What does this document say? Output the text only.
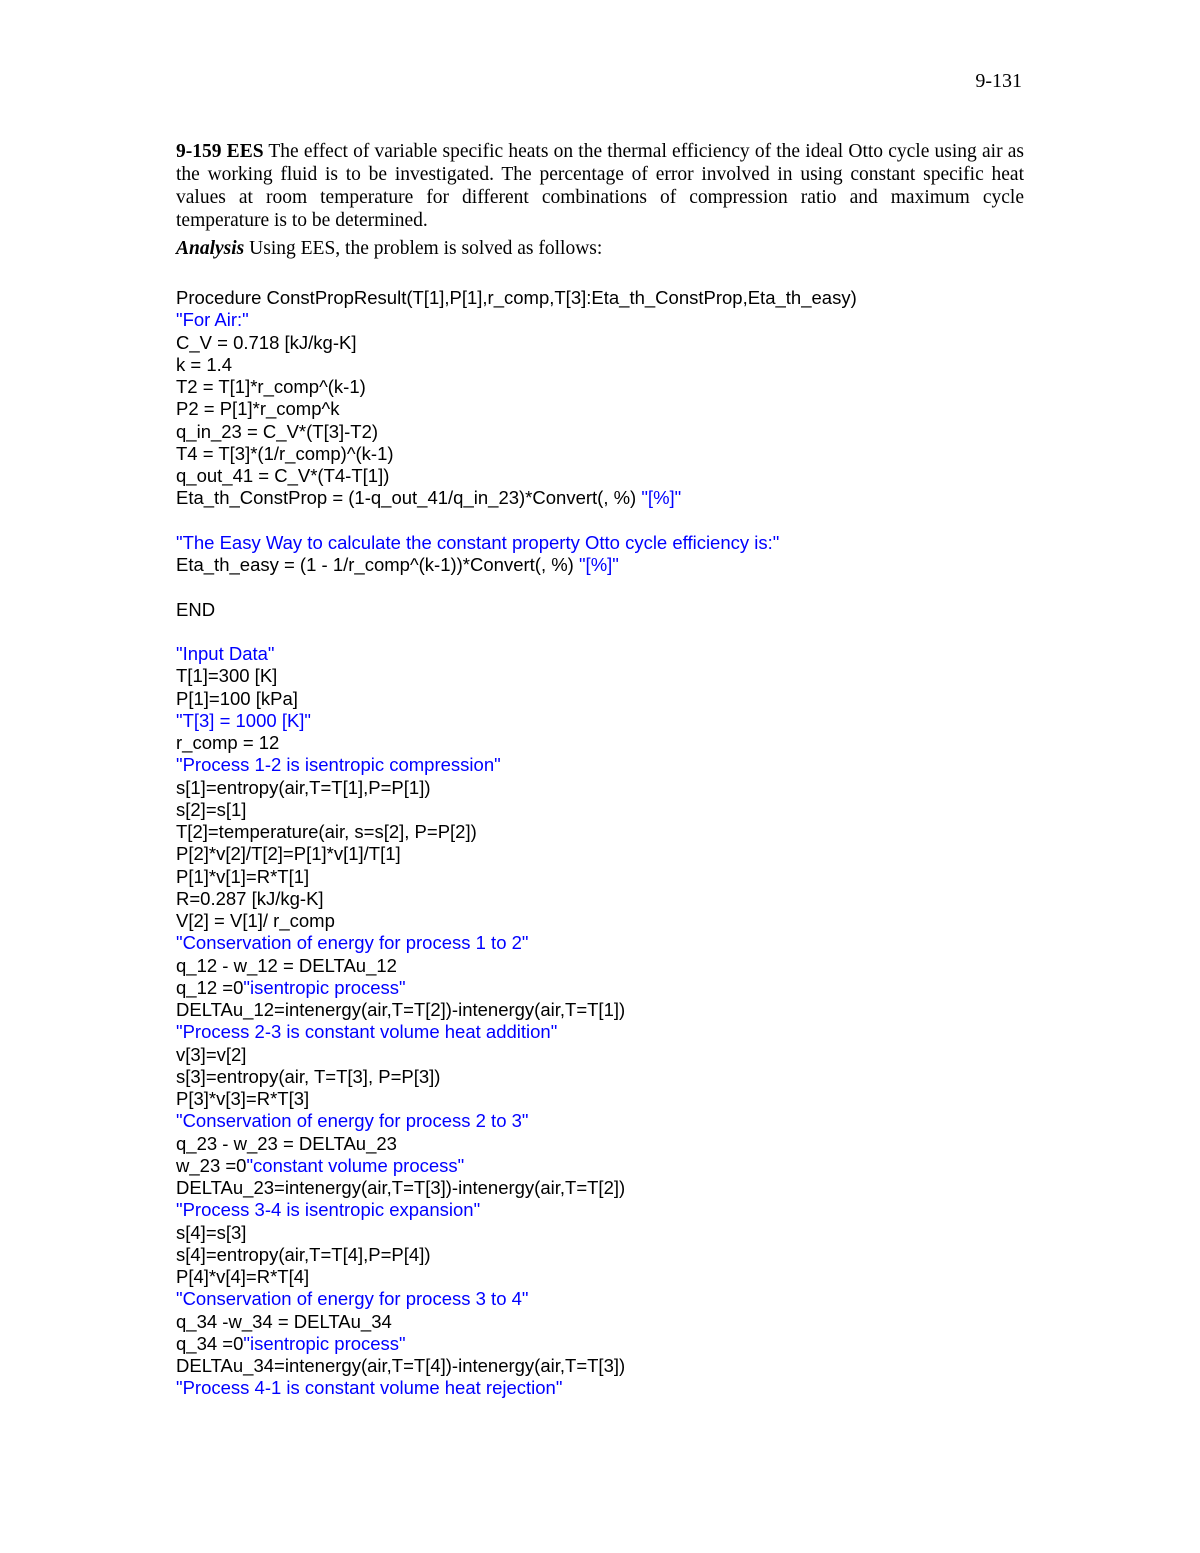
9-131
9-159 EES The effect of variable specific heats on the thermal efficiency of the ideal Otto cycle using air as the working fluid is to be investigated. The percentage of error involved in using constant specific heat values at room temperature for different combinations of compression ratio and maximum cycle temperature is to be determined.
Analysis Using EES, the problem is solved as follows:
Procedure ConstPropResult(T[1],P[1],r_comp,T[3]:Eta_th_ConstProp,Eta_th_easy)
"For Air:"
C_V = 0.718 [kJ/kg-K]
k = 1.4
T2 = T[1]*r_comp^(k-1)
P2 = P[1]*r_comp^k
q_in_23 = C_V*(T[3]-T2)
T4 = T[3]*(1/r_comp)^(k-1)
q_out_41 = C_V*(T4-T[1])
Eta_th_ConstProp = (1-q_out_41/q_in_23)*Convert(, %) "[%]"
"The Easy Way to calculate the constant property Otto cycle efficiency is:"
Eta_th_easy = (1 - 1/r_comp^(k-1))*Convert(, %) "[%]"
END
"Input Data"
T[1]=300 [K]
P[1]=100 [kPa]
"T[3] = 1000 [K]"
r_comp = 12
"Process 1-2 is isentropic compression"
s[1]=entropy(air,T=T[1],P=P[1])
s[2]=s[1]
T[2]=temperature(air, s=s[2], P=P[2])
P[2]*v[2]/T[2]=P[1]*v[1]/T[1]
P[1]*v[1]=R*T[1]
R=0.287 [kJ/kg-K]
V[2] = V[1]/ r_comp
"Conservation of energy for process 1 to 2"
q_12 - w_12 = DELTAu_12
q_12 =0"isentropic process"
DELTAu_12=intenergy(air,T=T[2])-intenergy(air,T=T[1])
"Process 2-3 is constant volume heat addition"
v[3]=v[2]
s[3]=entropy(air, T=T[3], P=P[3])
P[3]*v[3]=R*T[3]
"Conservation of energy for process 2 to 3"
q_23 - w_23 = DELTAu_23
w_23 =0"constant volume process"
DELTAu_23=intenergy(air,T=T[3])-intenergy(air,T=T[2])
"Process 3-4 is isentropic expansion"
s[4]=s[3]
s[4]=entropy(air,T=T[4],P=P[4])
P[4]*v[4]=R*T[4]
"Conservation of energy for process 3 to 4"
q_34 -w_34 = DELTAu_34
q_34 =0"isentropic process"
DELTAu_34=intenergy(air,T=T[4])-intenergy(air,T=T[3])
"Process 4-1 is constant volume heat rejection"
